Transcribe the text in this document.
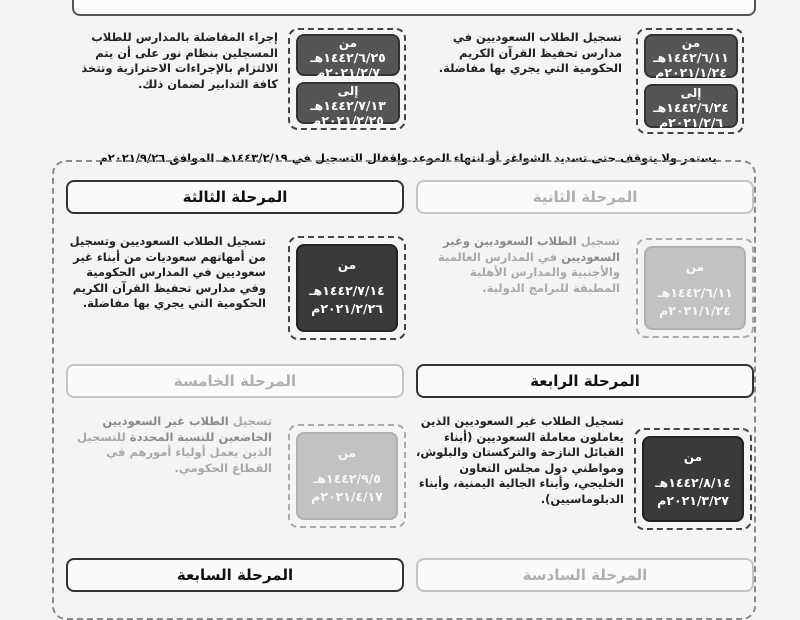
تسجيل الطلاب السعوديين في مدارس تحفيظ القرآن الكريم الحكومية التي يجري بها مفاضلة.
من
١٤٤٢/٦/١١هـ ٢٠٢١/١/٢٤م
إلى
١٤٤٢/٦/٢٤هـ ٢٠٢١/٢/٦م
إجراء المفاضلة بالمدارس للطلاب المسجلين بنظام نور على أن يتم الالتزام بالإجراءات الاحترازية وتتخذ كافة التدابير لضمان ذلك.
من
١٤٤٢/٦/٢٥هـ ٢٠٢١/٢/٧م
إلى
١٤٤٢/٧/١٣هـ ٢٠٢١/٢/٢٥م
يستمر ولا يتوقف حتى تسديد الشواغر أو انتهاء الموعد وإقفال التسجيل في ١٤٤٣/٢/١٩هـ الموافق ٢٠٢١/٩/٢٦م
المرحلة الثانية
المرحلة الثالثة
تسجيل الطلاب السعوديين وغير السعوديين في المدارس العالمية والأجنبية والمدارس الأهلية المطبقة للبرامج الدولية.
من
١٤٤٢/٦/١١هـ ٢٠٢١/١/٢٤م
تسجيل الطلاب السعوديين وتسجيل من أمهاتهم سعوديات من أبناء غير سعوديين في المدارس الحكومية وفي مدارس تحفيظ القرآن الكريم الحكومية التي يجري بها مفاضلة.
من
١٤٤٢/٧/١٤هـ ٢٠٢١/٢/٢٦م
المرحلة الرابعة
المرحلة الخامسة
تسجيل الطلاب غير السعوديين الذين يعاملون معاملة السعوديين (أبناء القبائل النازحة والتركستان والبلوش، ومواطني دول مجلس التعاون الخليجي، وأبناء الجالية اليمنية، وأبناء الدبلوماسيين).
من
١٤٤٢/٨/١٤هـ ٢٠٢١/٣/٢٧م
تسجيل الطلاب غير السعوديين الخاضعين للنسبة المحددة للتسجيل الذين يعمل أولياء أمورهم في القطاع الحكومي.
من
١٤٤٢/٩/٥هـ ٢٠٢١/٤/١٧م
المرحلة السادسة
المرحلة السابعة
